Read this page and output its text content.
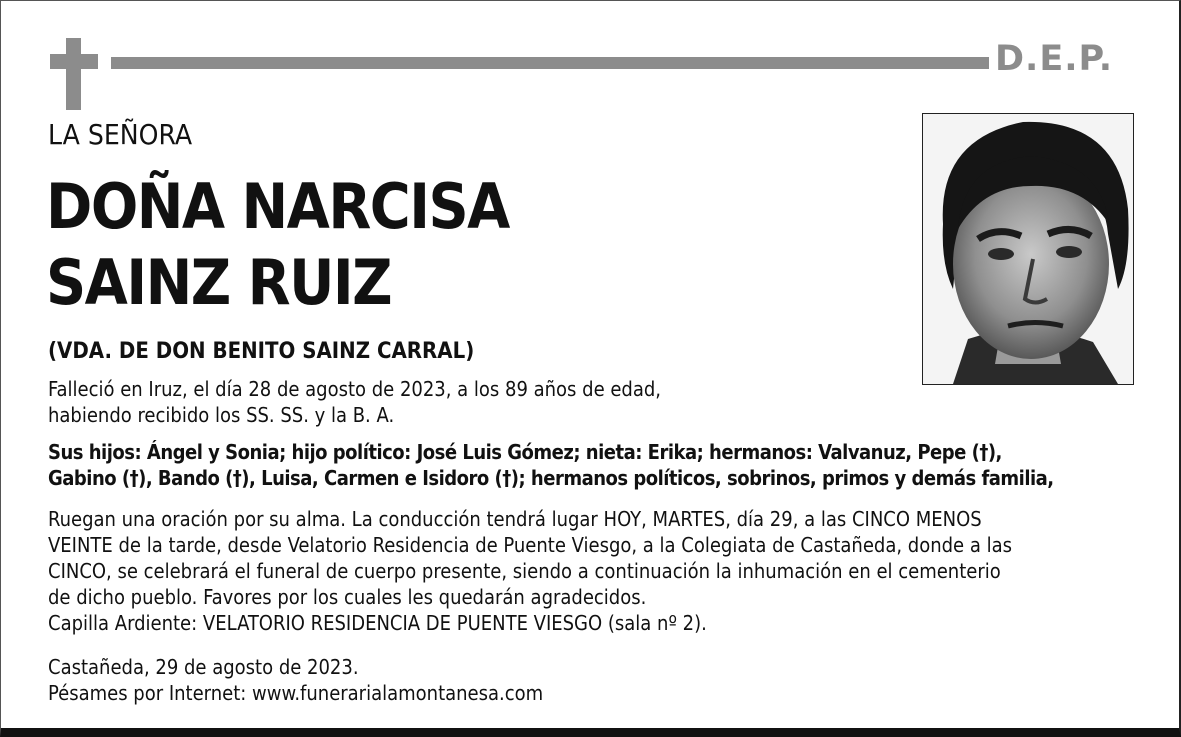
D.E.P.
LA SEÑORA
DOÑA NARCISA
SAINZ RUIZ
(VDA. DE DON BENITO SAINZ CARRAL)
Falleció en Iruz, el día 28 de agosto de 2023, a los 89 años de edad,
habiendo recibido los SS. SS. y la B. A.
Sus hijos: Ángel y Sonia; hijo político: José Luis Gómez; nieta: Erika; hermanos: Valvanuz, Pepe (†),
Gabino (†), Bando (†), Luisa, Carmen e Isidoro (†); hermanos políticos, sobrinos, primos y demás familia,
Ruegan una oración por su alma. La conducción tendrá lugar HOY, MARTES, día 29, a las CINCO MENOS
VEINTE de la tarde, desde Velatorio Residencia de Puente Viesgo, a la Colegiata de Castañeda, donde a las
CINCO, se celebrará el funeral de cuerpo presente, siendo a continuación la inhumación en el cementerio
de dicho pueblo. Favores por los cuales les quedarán agradecidos.
Capilla Ardiente: VELATORIO RESIDENCIA DE PUENTE VIESGO (sala nº 2).
Castañeda, 29 de agosto de 2023.
Pésames por Internet: www.funerarialamontanesa.com
